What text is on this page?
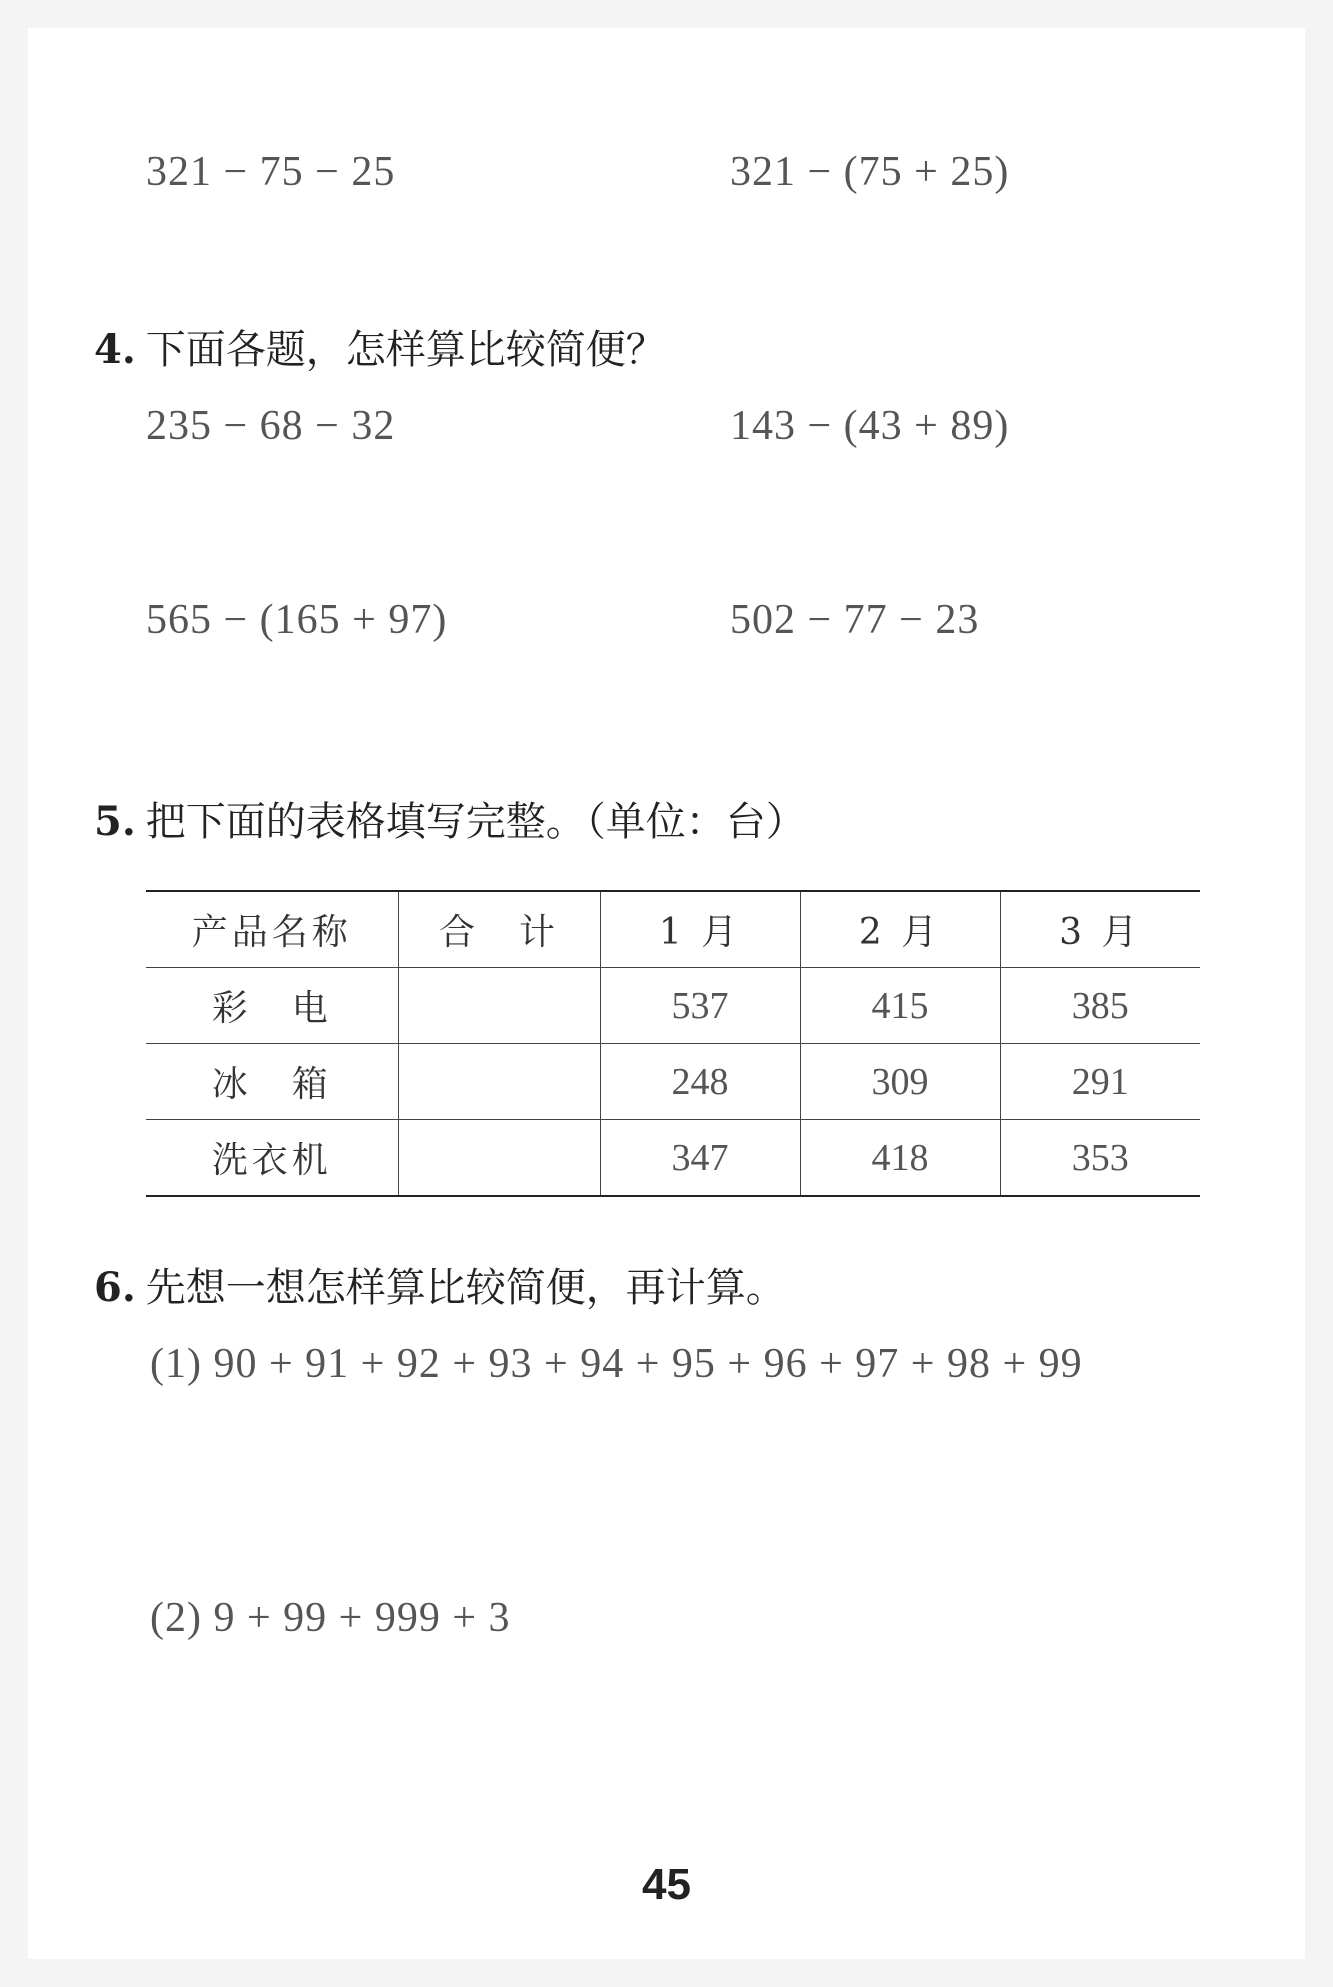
321 − 75 − 25	321 − (75 + 25)
4. 下面各题，怎样算比较简便？
235 − 68 − 32	143 − (43 + 89)
565 − (165 + 97)	502 − 77 − 23
5. 把下面的表格填写完整。（单位：台）
产品名称	合　计	1 月	2 月	3 月
彩　电		537	415	385
冰　箱		248	309	291
洗衣机		347	418	353
6. 先想一想怎样算比较简便，再计算。
(1) 90 + 91 + 92 + 93 + 94 + 95 + 96 + 97 + 98 + 99
(2) 9 + 99 + 999 + 3
45
